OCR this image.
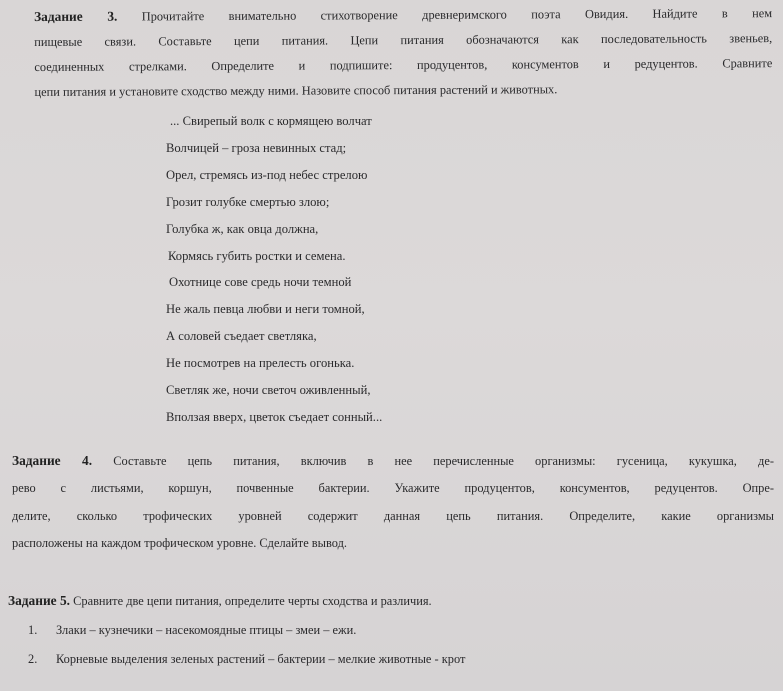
Задание 3. Прочитайте внимательно стихотворение древнеримского поэта Овидия. Найдите в нем
пищевые связи. Составьте цепи питания. Цепи питания обозначаются как последовательность звеньев,
соединенных стрелками. Определите и подпишите: продуцентов, консументов и редуцентов. Сравните
цепи питания и установите сходство между ними. Назовите способ питания растений и животных.
... Свирепый волк с кормящею волчат
Волчицей – гроза невинных стад;
Орел, стремясь из-под небес стрелою
Грозит голубке смертью злою;
Голубка ж, как овца должна,
Кормясь губить ростки и семена.
Охотнице сове средь ночи темной
Не жаль певца любви и неги томной,
А соловей съедает светляка,
Не посмотрев на прелесть огонька.
Светляк же, ночи светоч оживленный,
Вползая вверх, цветок съедает сонный...
Задание 4. Составьте цепь питания, включив в нее перечисленные организмы: гусеница, кукушка, де-
рево с листьями, коршун, почвенные бактерии. Укажите продуцентов, консументов, редуцентов. Опре-
делите, сколько трофических уровней содержит данная цепь питания. Определите, какие организмы
расположены на каждом трофическом уровне. Сделайте вывод.
Задание 5. Сравните две цепи питания, определите черты сходства и различия.
1. Злаки – кузнечики – насекомоядные птицы – змеи – ежи.
2. Корневые выделения зеленых растений – бактерии – мелкие животные - крот
